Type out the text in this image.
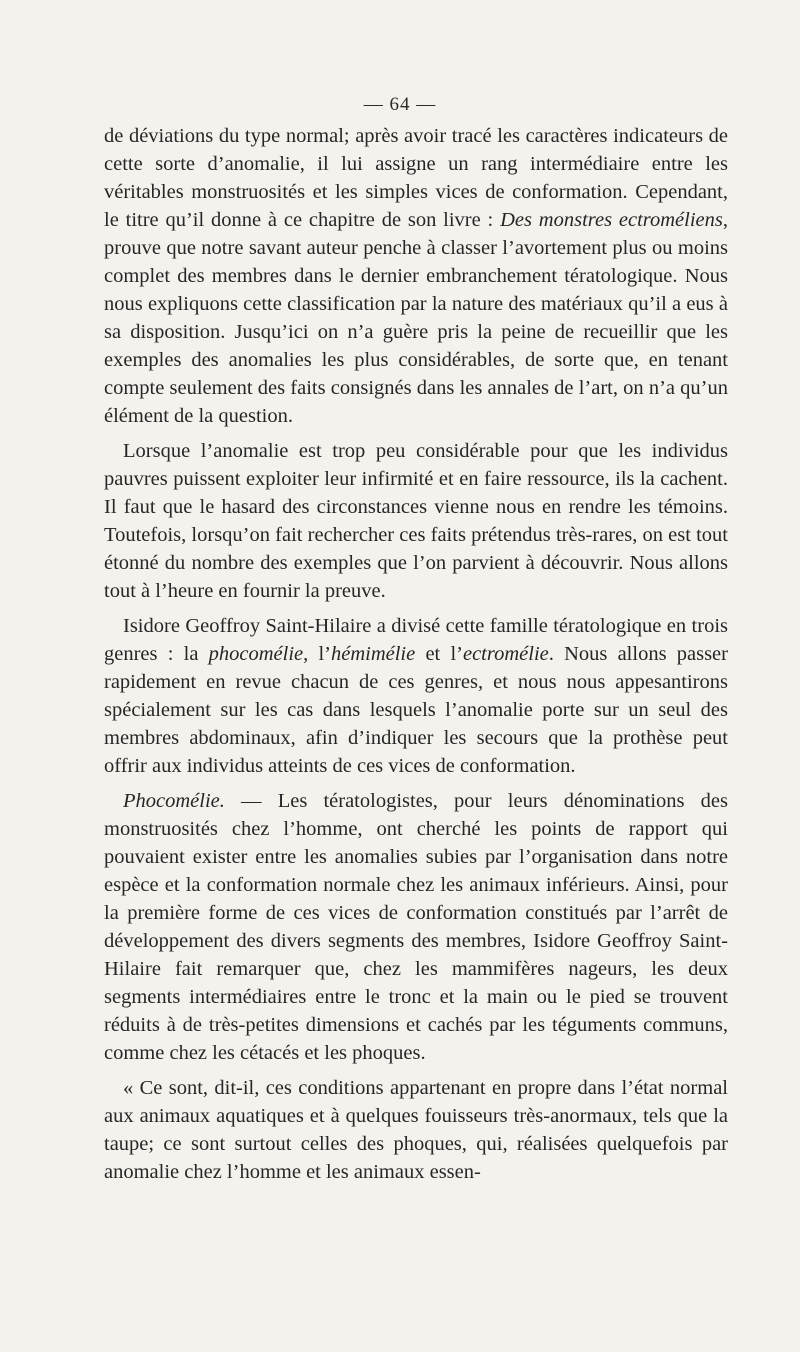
— 64 —

de déviations du type normal; après avoir tracé les caractères indicateurs de cette sorte d’anomalie, il lui assigne un rang intermédiaire entre les véritables monstruosités et les simples vices de conformation. Cependant, le titre qu’il donne à ce chapitre de son livre : Des monstres ectroméliens, prouve que notre savant auteur penche à classer l’avortement plus ou moins complet des membres dans le dernier embranchement tératologique. Nous nous expliquons cette classification par la nature des matériaux qu’il a eus à sa disposition. Jusqu’ici on n’a guère pris la peine de recueillir que les exemples des anomalies les plus considérables, de sorte que, en tenant compte seulement des faits consignés dans les annales de l’art, on n’a qu’un élément de la question.

Lorsque l’anomalie est trop peu considérable pour que les individus pauvres puissent exploiter leur infirmité et en faire ressource, ils la cachent. Il faut que le hasard des circonstances vienne nous en rendre les témoins. Toutefois, lorsqu’on fait rechercher ces faits prétendus très-rares, on est tout étonné du nombre des exemples que l’on parvient à découvrir. Nous allons tout à l’heure en fournir la preuve.

Isidore Geoffroy Saint-Hilaire a divisé cette famille tératologique en trois genres : la phocomélie, l’hémimélie et l’ectromélie. Nous allons passer rapidement en revue chacun de ces genres, et nous nous appesantirons spécialement sur les cas dans lesquels l’anomalie porte sur un seul des membres abdominaux, afin d’indiquer les secours que la prothèse peut offrir aux individus atteints de ces vices de conformation.

Phocomélie. — Les tératologistes, pour leurs dénominations des monstruosités chez l’homme, ont cherché les points de rapport qui pouvaient exister entre les anomalies subies par l’organisation dans notre espèce et la conformation normale chez les animaux inférieurs. Ainsi, pour la première forme de ces vices de conformation constitués par l’arrêt de développement des divers segments des membres, Isidore Geoffroy Saint-Hilaire fait remarquer que, chez les mammifères nageurs, les deux segments intermédiaires entre le tronc et la main ou le pied se trouvent réduits à de très-petites dimensions et cachés par les téguments communs, comme chez les cétacés et les phoques.

« Ce sont, dit-il, ces conditions appartenant en propre dans l’état normal aux animaux aquatiques et à quelques fouisseurs très-anormaux, tels que la taupe; ce sont surtout celles des phoques, qui, réalisées quelquefois par anomalie chez l’homme et les animaux essen-
